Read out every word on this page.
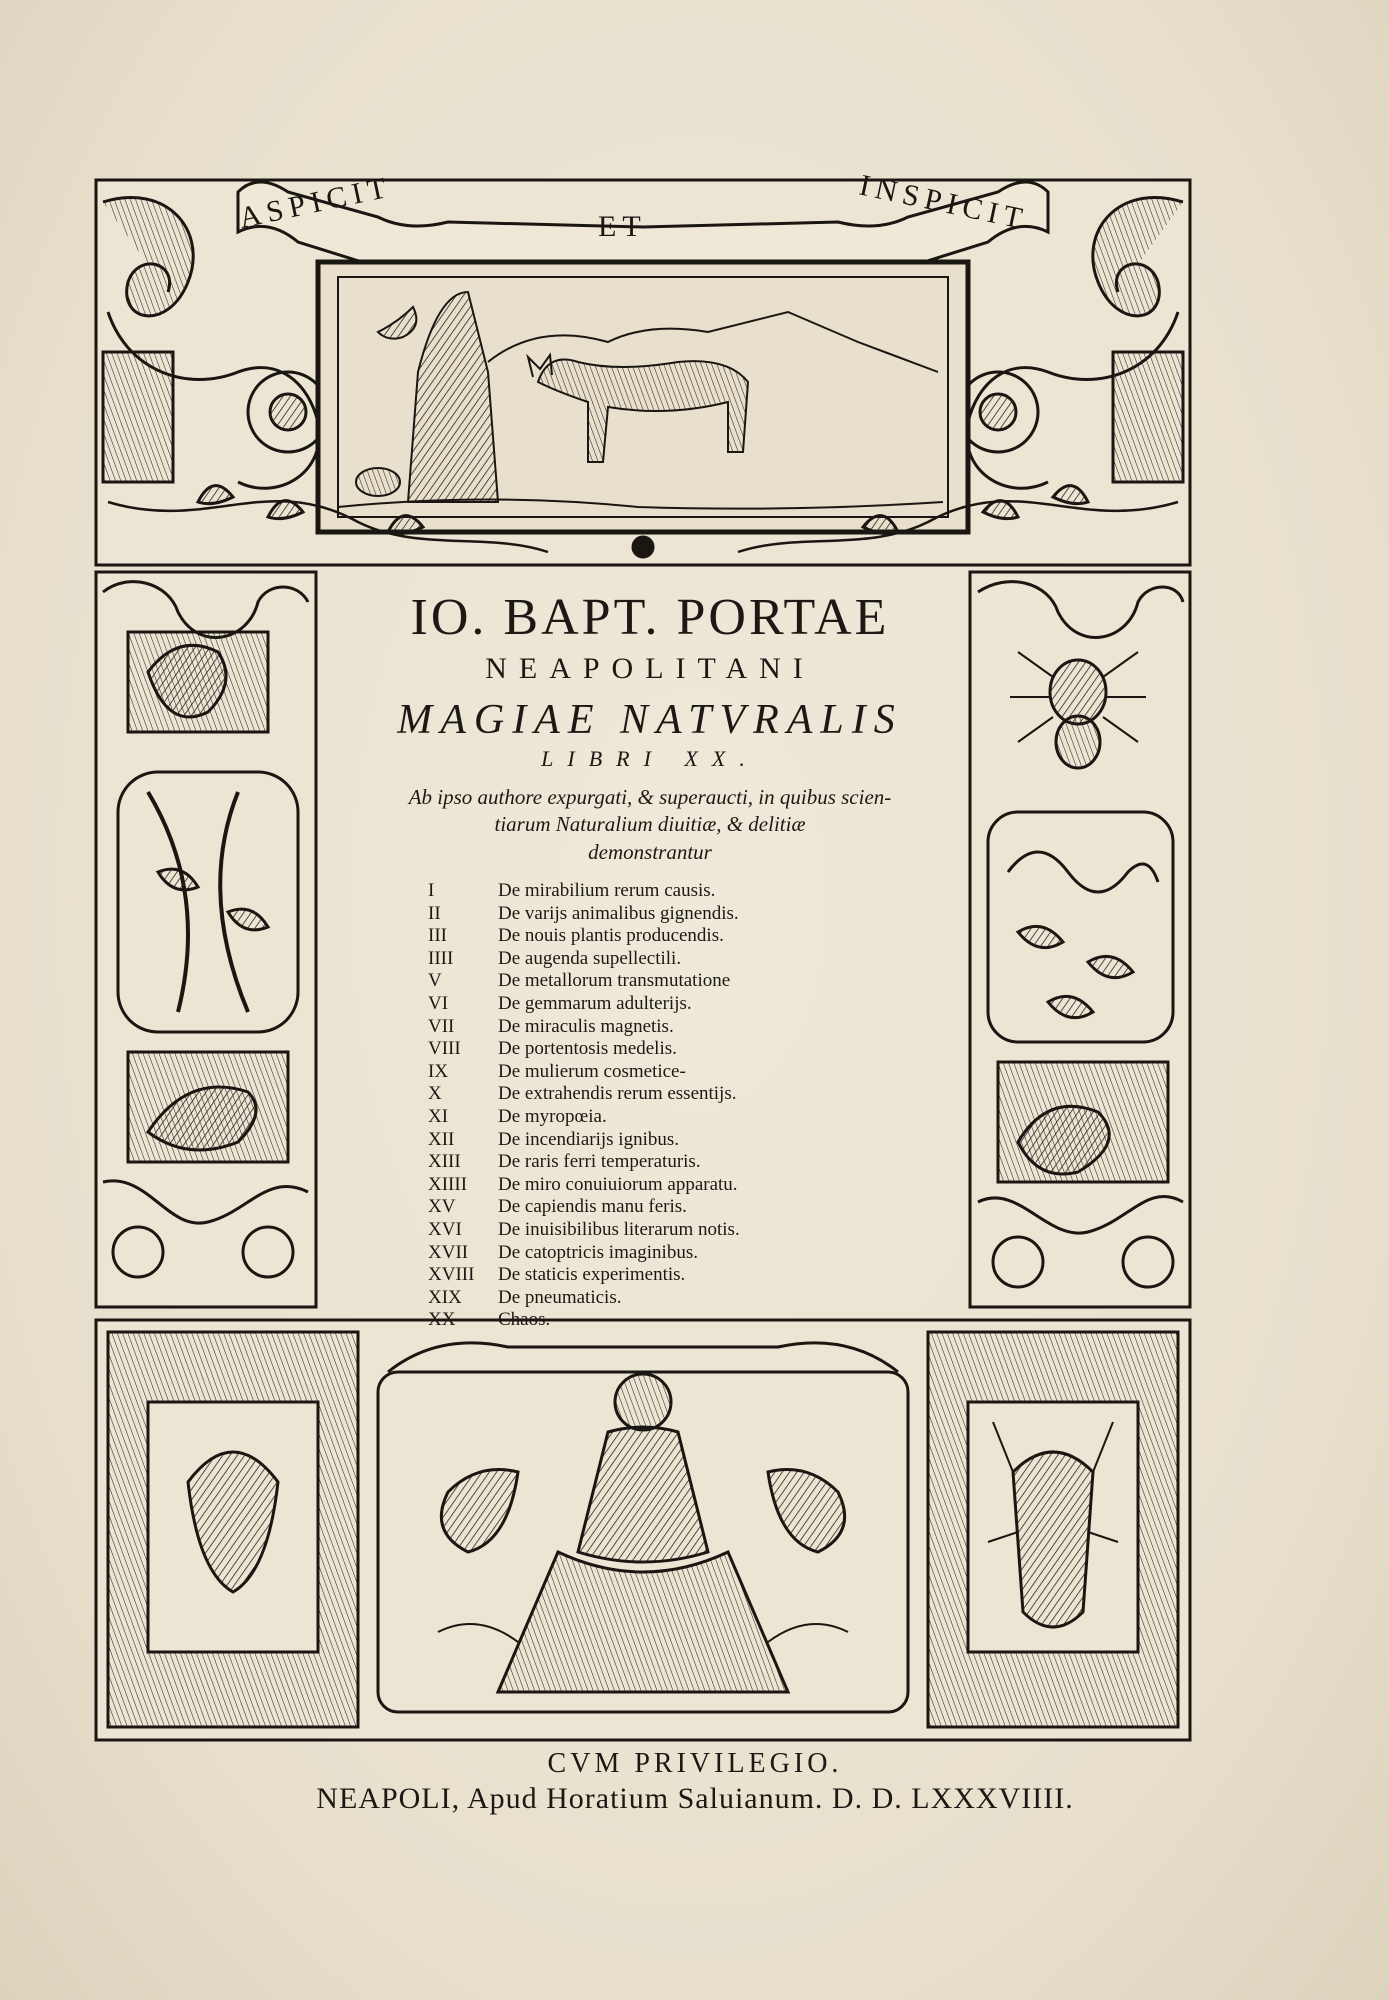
ASPICIT	ET	INSPICIT
IO. BAPT. PORTAE
NEAPOLITANI
MAGIAE NATVRALIS
LIBRI XX.
Ab ipso authore expurgati, & superaucti, in quibus scien-
tiarum Naturalium diuitiæ, & delitiæ
demonstrantur
I	De mirabilium rerum causis.
II	De varijs animalibus gignendis.
III	De nouis plantis producendis.
IIII	De augenda supellectili.
V	De metallorum transmutatione
VI	De gemmarum adulterijs.
VII	De miraculis magnetis.
VIII	De portentosis medelis.
IX	De mulierum cosmetice-
X	De extrahendis rerum essentijs.
XI	De myropœia.
XII	De incendiarijs ignibus.
XIII	De raris ferri temperaturis.
XIIII	De miro conuiuiorum apparatu.
XV	De capiendis manu feris.
XVI	De inuisibilibus literarum notis.
XVII	De catoptricis imaginibus.
XVIII	De staticis experimentis.
XIX	De pneumaticis.
XX	Chaos.
CVM PRIVILEGIO.
NEAPOLI, Apud Horatium Saluianum. D. D. LXXXVIIII.
